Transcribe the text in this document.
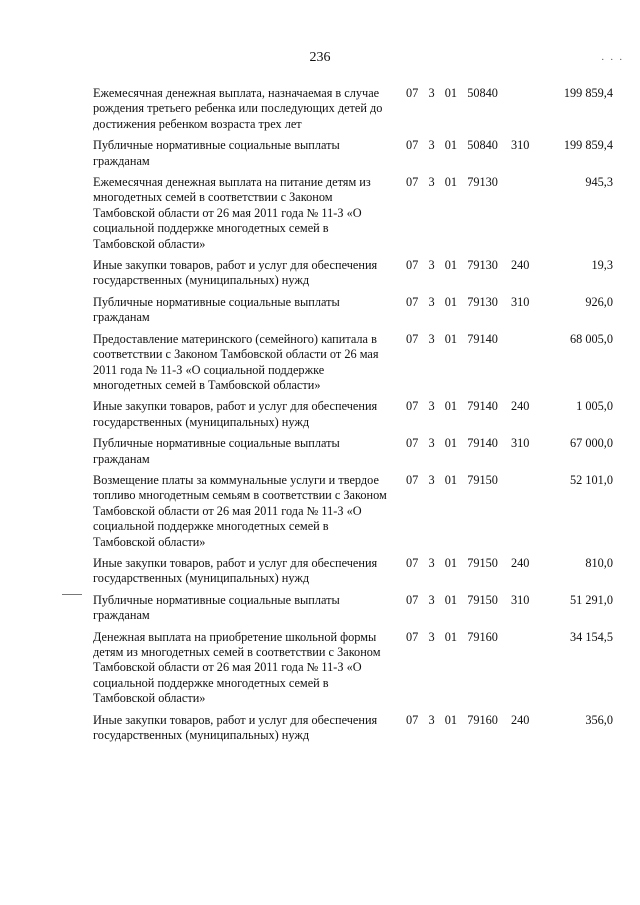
236	. . .
Ежемесячная денежная выплата, назначаемая в случае рождения третьего ребенка или последующих детей до достижения ребенком возраста трех лет
07  3  01  50840	199 859,4
Публичные нормативные социальные выплаты гражданам
07  3  01  50840 310	199 859,4
Ежемесячная денежная выплата на питание детям из многодетных семей в соответствии с Законом Тамбовской области от 26 мая 2011 года № 11-З «О социальной поддержке многодетных семей в Тамбовской области»
07  3  01  79130	945,3
Иные закупки товаров, работ и услуг для обеспечения государственных (муниципальных) нужд
07  3  01  79130 240	19,3
Публичные нормативные социальные выплаты гражданам
07  3  01  79130 310	926,0
Предоставление материнского (семейного) капитала в соответствии с Законом Тамбовской области от 26 мая 2011 года № 11-З «О социальной поддержке многодетных семей в Тамбовской области»
07  3  01  79140	68 005,0
Иные закупки товаров, работ и услуг для обеспечения государственных (муниципальных) нужд
07  3  01  79140 240	1 005,0
Публичные нормативные социальные выплаты гражданам
07  3  01  79140 310	67 000,0
Возмещение платы за коммунальные услуги и твердое топливо многодетным семьям в соответствии с Законом Тамбовской области от 26 мая 2011 года № 11-З «О социальной поддержке многодетных семей в Тамбовской области»
07  3  01  79150	52 101,0
Иные закупки товаров, работ и услуг для обеспечения государственных (муниципальных) нужд
07  3  01  79150 240	810,0
Публичные нормативные социальные выплаты гражданам
07  3  01  79150 310	51 291,0
Денежная выплата на приобретение школьной формы детям из многодетных семей в соответствии с Законом Тамбовской области от 26 мая 2011 года № 11-З «О социальной поддержке многодетных семей в Тамбовской области»
07  3  01  79160	34 154,5
Иные закупки товаров, работ и услуг для обеспечения государственных (муниципальных) нужд
07  3  01  79160 240	356,0
